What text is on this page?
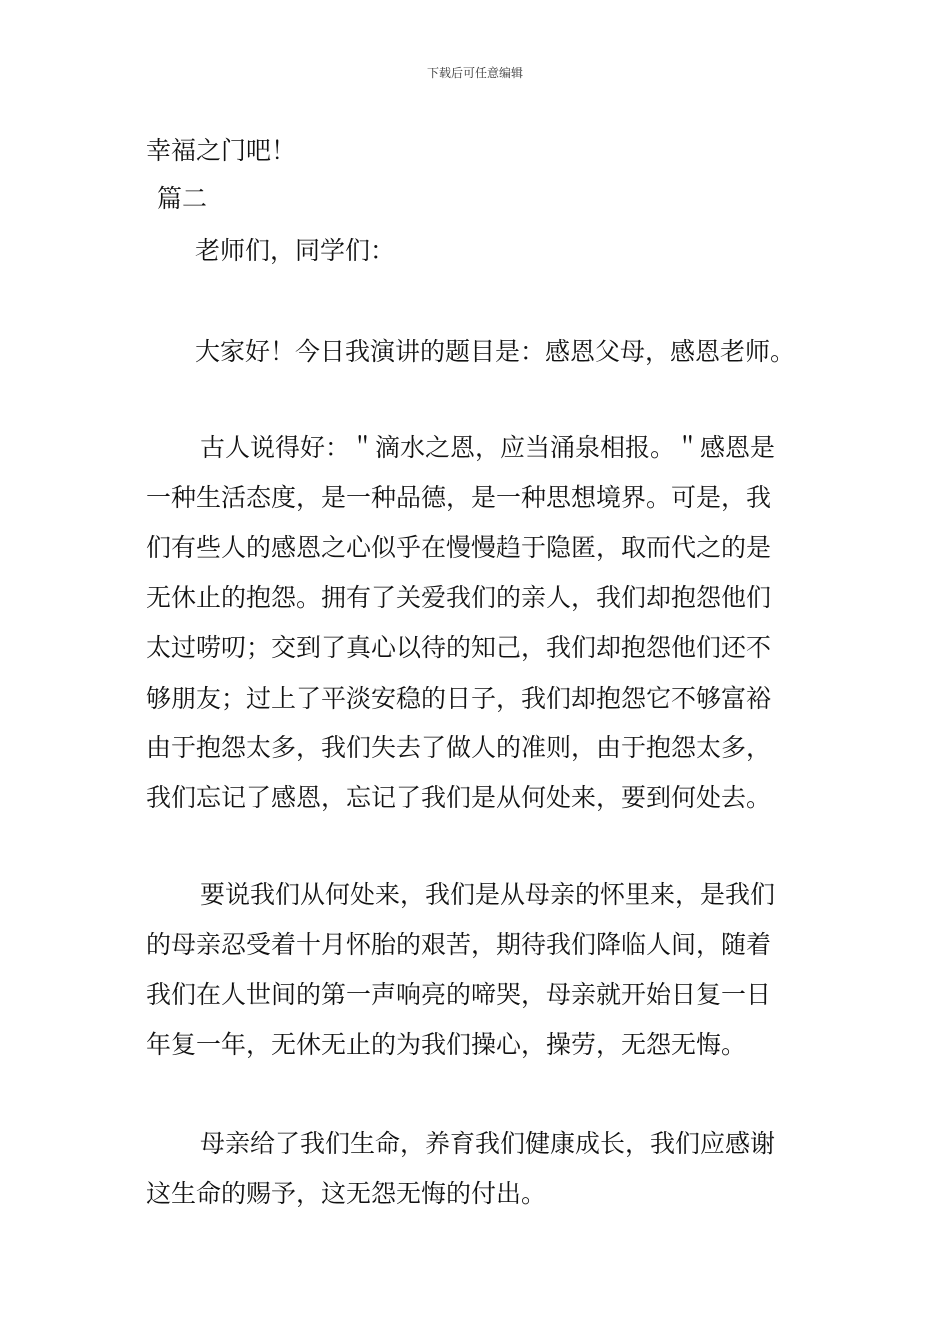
下载后可任意编辑
幸福之门吧！
篇二
老师们，同学们：
大家好！今日我演讲的题目是：感恩父母，感恩老师。
古人说得好：＂滴水之恩，应当涌泉相报。＂感恩是
一种生活态度，是一种品德，是一种思想境界。可是，我
们有些人的感恩之心似乎在慢慢趋于隐匿，取而代之的是
无休止的抱怨。拥有了关爱我们的亲人，我们却抱怨他们
太过唠叨；交到了真心以待的知己，我们却抱怨他们还不
够朋友；过上了平淡安稳的日子，我们却抱怨它不够富裕
由于抱怨太多，我们失去了做人的准则，由于抱怨太多，
我们忘记了感恩，忘记了我们是从何处来，要到何处去。
要说我们从何处来，我们是从母亲的怀里来，是我们
的母亲忍受着十月怀胎的艰苦，期待我们降临人间，随着
我们在人世间的第一声响亮的啼哭，母亲就开始日复一日
年复一年，无休无止的为我们操心，操劳，无怨无悔。
母亲给了我们生命，养育我们健康成长，我们应感谢
这生命的赐予，这无怨无悔的付出。
